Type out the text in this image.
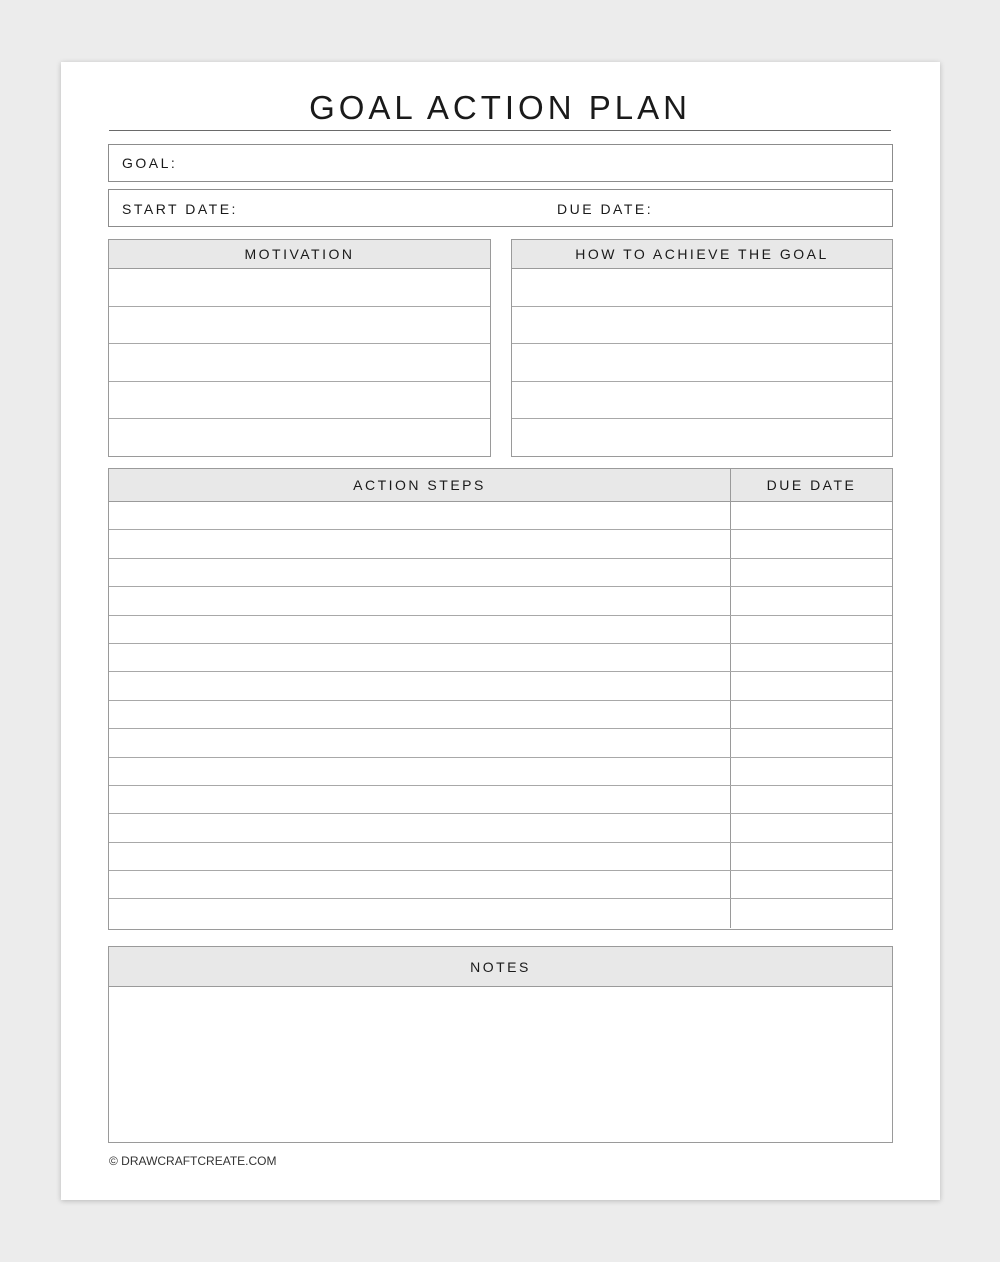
GOAL ACTION PLAN
GOAL:
START DATE:	DUE DATE:
MOTIVATION	HOW TO ACHIEVE THE GOAL
ACTION STEPS	DUE DATE
NOTES
© DRAWCRAFTCREATE.COM
